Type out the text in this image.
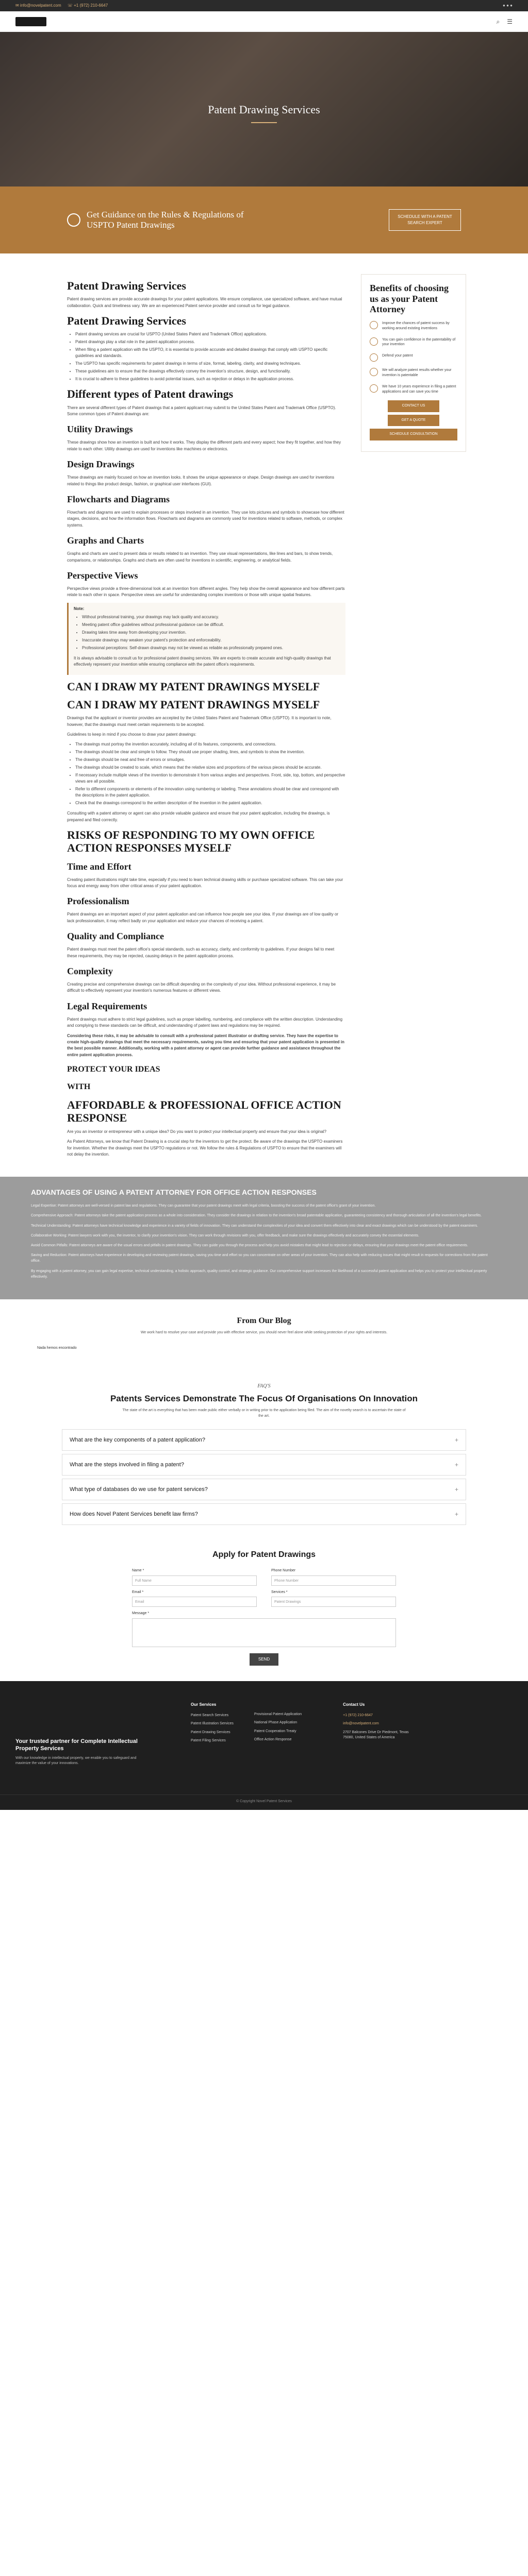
✉ info@novelpatent.com ☏ +1 (972) 210-6647	● ● ●
⌕ ☰
Patent Drawing Services
Get Guidance on the Rules & Regulations of USPTO Patent Drawings
SCHEDULE WITH A PATENT SEARCH EXPERT
Patent Drawing Services

Patent drawing services are provide accurate drawings for your patent applications. We ensure compliance, use specialized software, and have mutual collaboration. Quick and timeliness vary. We are an experienced Patent service provider and consult us for legal guidance.

Patent Drawing Services
• Patent drawing services are crucial for USPTO (United States Patent and Trademark Office) applications.
• Patent drawings play a vital role in the patent application process.
• When filing a patent application with the USPTO, it is essential to provide accurate and detailed drawings that comply with USPTO specific guidelines and standards.
• The USPTO has specific requirements for patent drawings in terms of size, format, labeling, clarity, and drawing techniques.
• These guidelines aim to ensure that the drawings effectively convey the invention's structure, design, and functionality.
• It is crucial to adhere to these guidelines to avoid potential issues, such as rejection or delays in the application process.
Different types of Patent drawings

There are several different types of Patent drawings that a patent applicant may submit to the United States Patent and Trademark Office (USPTO). Some common types of Patent drawings are:

Utility Drawings

These drawings show how an invention is built and how it works. They display the different parts and every aspect; how they fit together, and how they relate to each other. Utility drawings are used for inventions like machines or electronics.

Design Drawings

These drawings are mainly focused on how an invention looks. It shows the unique appearance or shape. Design drawings are used for inventions related to things like product design, fashion, or graphical user interfaces (GUI).

Flowcharts and Diagrams

Flowcharts and diagrams are used to explain processes or steps involved in an invention. They use lots pictures and symbols to showcase how different stages, decisions, and how the information flows. Flowcharts and diagrams are commonly used for inventions related to software, methods, or complex systems.

Graphs and Charts

Graphs and charts are used to present data or results related to an invention. They use visual representations, like lines and bars, to show trends, comparisons, or relationships. Graphs and charts are often used for inventions in scientific, engineering, or analytical fields.

Perspective Views

Perspective views provide a three-dimensional look at an invention from different angles. They help show the overall appearance and how different parts relate to each other in space. Perspective views are useful for understanding complex inventions or those with unique spatial features.

Note:
• Without professional training, your drawings may lack quality and accuracy.
• Meeting patent office guidelines without professional guidance can be difficult.
• Drawing takes time away from developing your invention.
• Inaccurate drawings may weaken your patent's protection and enforceability.
• Professional perceptions: Self-drawn drawings may not be viewed as reliable as professionally prepared ones.

It is always advisable to consult us for professional patent drawing services. We are experts to create accurate and high-quality drawings that effectively represent your invention while ensuring compliance with the patent office's requirements.

CAN I DRAW MY PATENT DRAWINGS MYSELF
CAN I DRAW MY PATENT DRAWINGS MYSELF

Drawings that the applicant or inventor provides are accepted by the United States Patent and Trademark Office (USPTO). It is important to note, however, that the drawings must meet certain requirements to be accepted.

Guidelines to keep in mind if you choose to draw your patent drawings:

• The drawings must portray the invention accurately, including all of its features, components, and connections.
• The drawings should be clear and simple to follow. They should use proper shading, lines, and symbols to show the invention.
• The drawings should be neat and free of errors or smudges.
• The drawings should be created to scale, which means that the relative sizes and proportions of the various pieces should be accurate.
• If necessary include multiple views of the invention to demonstrate it from various angles and perspectives. Front, side, top, bottom, and perspective views are all possible.
• Refer to different components or elements of the innovation using numbering or labeling. These annotations should be clear and correspond with the descriptions in the patent application.
• Check that the drawings correspond to the written description of the invention in the patent application.

Consulting with a patent attorney or agent can also provide valuable guidance and ensure that your patent application, including the drawings, is prepared and filed correctly.

RISKS OF RESPONDING TO MY OWN OFFICE ACTION RESPONSES MYSELF
Time and Effort

Creating patent illustrations might take time, especially if you need to learn technical drawing skills or purchase specialized software. This can take your focus and energy away from other critical areas of your patent application.

Professionalism

Patent drawings are an important aspect of your patent application and can influence how people see your idea. If your drawings are of low quality or lack professionalism, it may reflect badly on your application and reduce your chances of receiving a patent.

Quality and Compliance

Patent drawings must meet the patent office's special standards, such as accuracy, clarity, and conformity to guidelines. If your designs fail to meet these requirements, they may be rejected, causing delays in the patent application process.

Complexity

Creating precise and comprehensive drawings can be difficult depending on the complexity of your idea. Without professional experience, it may be difficult to effectively represent your invention's numerous features or different views.

Legal Requirements

Patent drawings must adhere to strict legal guidelines, such as proper labelling, numbering, and compliance with the written description. Understanding and complying to these standards can be difficult, and understanding of patent laws and regulations may be required.

Considering these risks, it may be advisable to consult with a professional patent illustrator or drafting service. They have the expertise to create high-quality drawings that meet the necessary requirements, saving you time and ensuring that your patent application is presented in the best possible manner. Additionally, working with a patent attorney or agent can provide further guidance and assistance throughout the entire patent application process.

PROTECT YOUR IDEAS
WITH
AFFORDABLE & PROFESSIONAL OFFICE ACTION RESPONSE

Are you an inventor or entrepreneur with a unique idea? Do you want to protect your intellectual property and ensure that your idea is original?

As Patent Attorneys, we know that Patent Drawing is a crucial step for the inventors to get the protect. Be aware of the drawings the USPTO examiners for invention. Whether the drawings meet the USPTO regulations or not. We follow the rules & Regulations of USPTO to ensure that the examiners will not delay the invention.

Benefits of choosing us as your Patent Attorney
Improve the chances of patent success by working around existing inventions
You can gain confidence in the patentability of your invention
Defend your patent
We will analyze patent results whether your invention is patentable
We have 10 years experience in filing a patent applications and can save you time
CONTACT US
GET A QUOTE
SCHEDULE CONSULTATION
ADVANTAGES OF USING A PATENT ATTORNEY FOR OFFICE ACTION RESPONSES

Legal Expertise: Patent attorneys are well-versed in patent law and regulations. They can guarantee that your patent drawings meet with legal criteria, boosting the success of the patent office's grant of your invention.

Comprehensive Approach: Patent attorneys take the patent application process as a whole into consideration. They consider the drawings in relation to the invention's broad patentable application, guaranteeing consistency and thorough articulation of all the invention's legal benefits.

Technical Understanding: Patent attorneys have technical knowledge and experience in a variety of fields of innovation. They can understand the complexities of your idea and convert them effectively into clear and exact drawings which can be understood by the patent examiners.

Collaborative Working: Patent lawyers work with you, the inventor, to clarify your invention's vision. They can work through revisions with you, offer feedback, and make sure the drawings effectively and accurately convey the essential elements.

Avoid Common Pitfalls: Patent attorneys are aware of the usual errors and pitfalls in patent drawings. They can guide you through the process and help you avoid mistakes that might lead to rejection or delays, ensuring that your drawings meet the patent office requirements.

Saving and Reduction: Patent attorneys have experience in developing and reviewing patent drawings, saving you time and effort so you can concentrate on other areas of your invention. They can also help with reducing issues that might result in requests for corrections from the patent office.

By engaging with a patent attorney, you can gain legal expertise, technical understanding, a holistic approach, quality control, and strategic guidance. Our comprehensive support increases the likelihood of a successful patent application and helps you to protect your intellectual property effectively.

From Our Blog

We work hard to resolve your case and provide you with effective service, you should never feel alone while seeking protection of your rights and interests.

Nada hemos encontrado
FAQ'S
Patents Services Demonstrate The Focus Of Organisations On Innovation
The state of the art is everything that has been made public either verbally or in writing prior to the application being filed. The aim of the novelty search is to ascertain the state of the art.
What are the key components of a patent application?	+
What are the steps involved in filing a patent?	+
What type of databases do we use for patent services?	+
How does Novel Patent Services benefit law firms?	+
Apply for Patent Drawings
Name *
Full Name
Phone Number
Phone Number
Email *
Email
Services *
Patent Drawings
Message *
SEND
Our Services
Patent Search Services
Patent Illustration Services
Patent Drawing Services
Patent Filing Services
Provisional Patent Application
National Phase Application
Patent Cooperation Treaty
Office Action Response
Contact Us
+1 (972) 210-6647
info@novelpatent.com
2707 Balcones Drive Dr Piedmont, Texas 75080, United States of America
Your trusted partner for Complete Intellectual Property Services

With our knowledge in intellectual property, we enable you to safeguard and maximize the value of your innovations.

© Copyright Novel Patent Services
